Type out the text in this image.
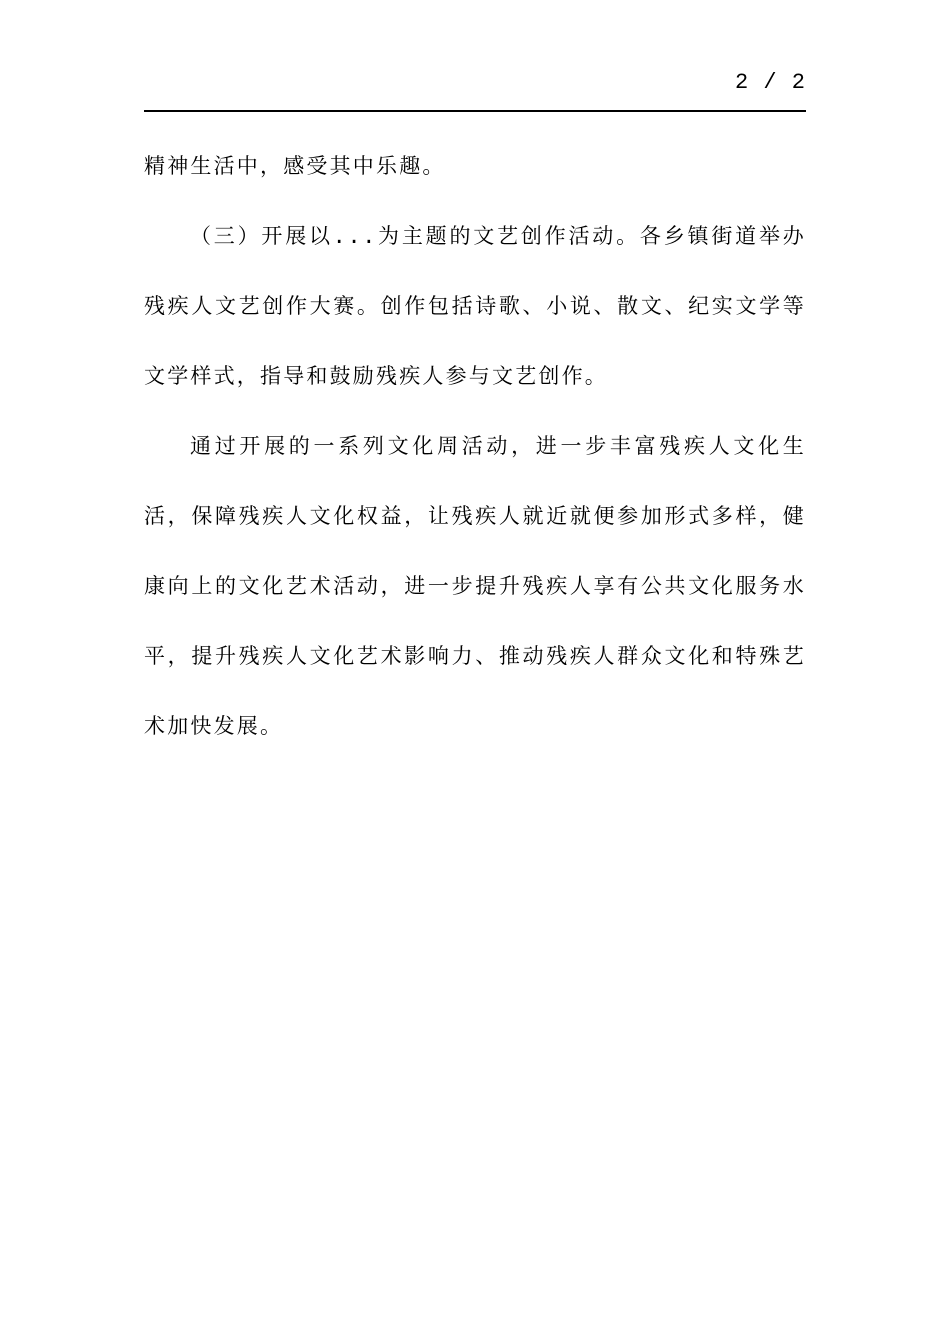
2 / 2

精神生活中，感受其中乐趣。

（三）开展以...为主题的文艺创作活动。各乡镇街道举办残疾人文艺创作大赛。创作包括诗歌、小说、散文、纪实文学等文学样式，指导和鼓励残疾人参与文艺创作。

通过开展的一系列文化周活动，进一步丰富残疾人文化生活，保障残疾人文化权益，让残疾人就近就便参加形式多样，健康向上的文化艺术活动，进一步提升残疾人享有公共文化服务水平，提升残疾人文化艺术影响力、推动残疾人群众文化和特殊艺术加快发展。
